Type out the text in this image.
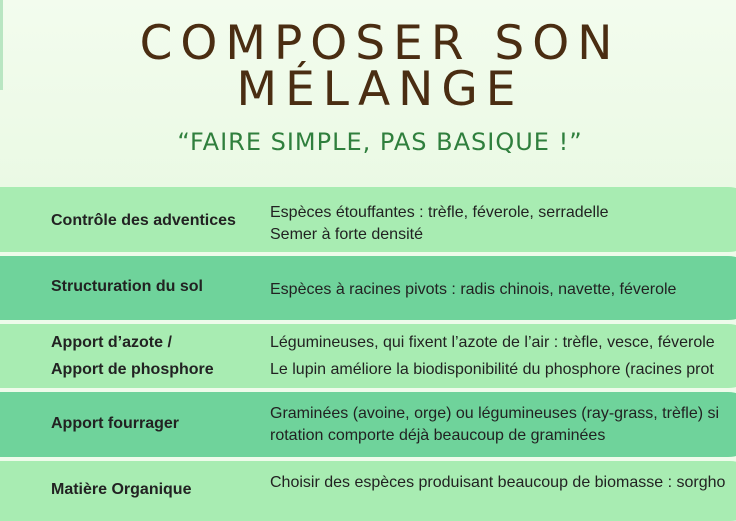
COMPOSER SON
MÉLANGE
“FAIRE SIMPLE, PAS BASIQUE !”
Contrôle des adventices Espèces étouffantes : trèfle, féverole, serradelle
Semer à forte densité
Structuration du sol	Espèces à racines pivots : radis chinois, navette, féverole
Apport d’azote /
Apport de phosphore
Légumineuses, qui fixent l’azote de l’air : trèfle, vesce, féverole
Le lupin améliore la biodisponibilité du phosphore (racines prot
Apport fourrager
Graminées (avoine, orge) ou légumineuses (ray-grass, trèfle) si
rotation comporte déjà beaucoup de graminées
Matière Organique	Choisir des espèces produisant beaucoup de biomasse : sorgho
